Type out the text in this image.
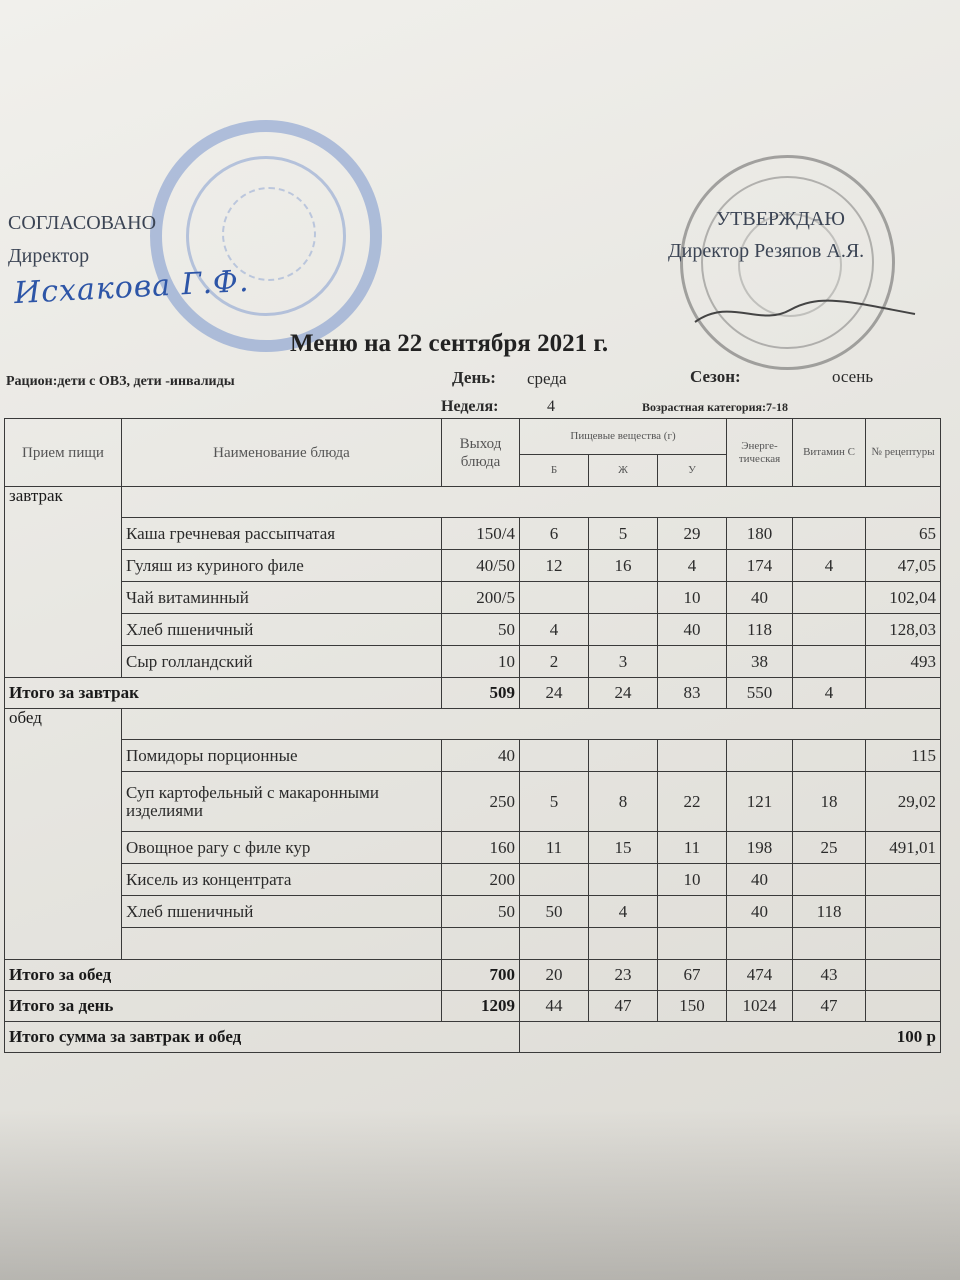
СОГЛАСОВАНО
Директор
Исхакова Г.Ф.
УТВЕРЖДАЮ
Директор Резяпов А.Я.
Меню на 22 сентября 2021 г.
Рацион:дети с ОВЗ, дети -инвалиды	День: среда	Сезон:	осень
Неделя:	4	Возрастная категория:7-18
Прием пищи	Наименование блюда	Выход блюда	Пищевые вещества (г)			Энерге-тическая	Витамин С	№ рецептуры
			Б	Ж	У			
завтрак								
	Каша гречневая рассыпчатая	150/4	6	5	29	180		65
	Гуляш из куриного филе	40/50	12	16	4	174	4	47,05
	Чай витаминный	200/5			10	40		102,04
	Хлеб пшеничный	50	4		40	118		128,03
	Сыр голландский	10	2	3		38		493
Итого за завтрак		509	24	24	83	550	4	
обед								
	Помидоры порционные	40						115
	Суп картофельный с макаронными изделиями	250	5	8	22	121	18	29,02
	Овощное рагу с филе кур	160	11	15	11	198	25	491,01
	Кисель из концентрата	200			10	40		
	Хлеб пшеничный	50	50	4		40	118	

Итого за обед		700	20	23	67	474	43	
Итого за день		1209	44	47	150	1024	47	
Итого сумма за завтрак и обед			100 р					
